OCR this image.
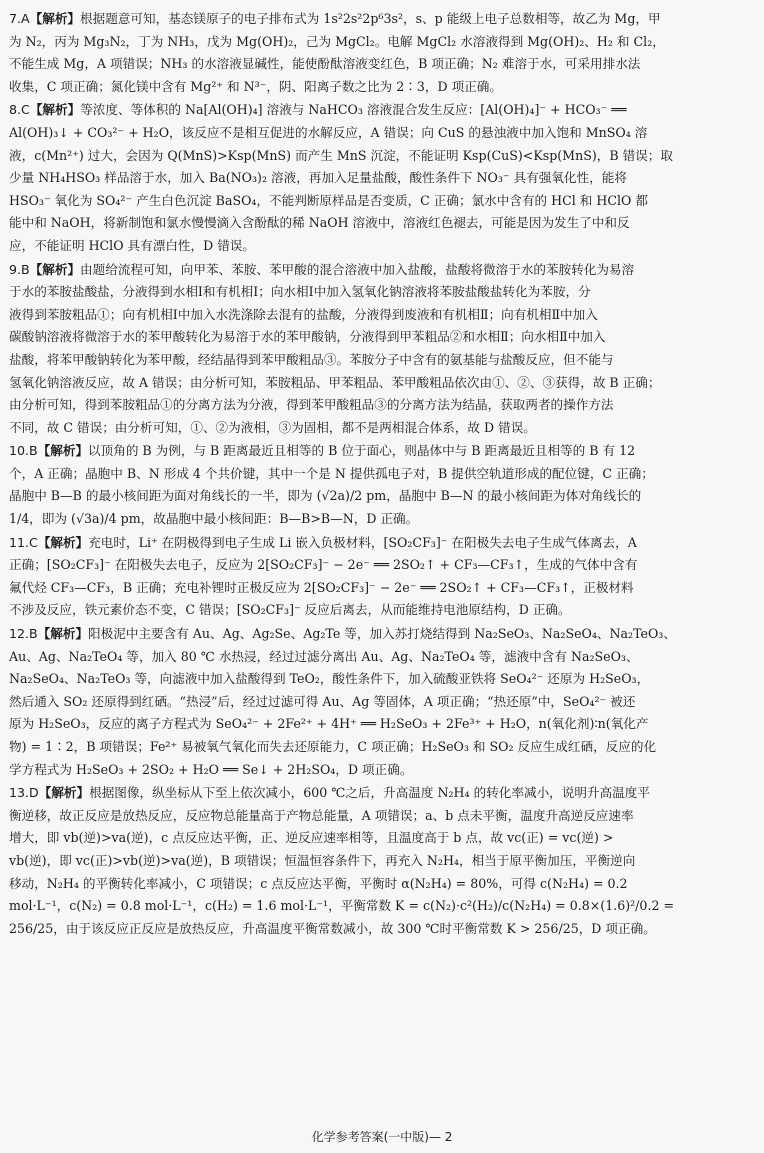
7.A【解析】根据题意可知，基态镁原子的电子排布式为 1s²2s²2p⁶3s²，s、p 能级上电子总数相等，故乙为 Mg，甲

为 N₂，丙为 Mg₃N₂，丁为 NH₃，戊为 Mg(OH)₂，己为 MgCl₂。电解 MgCl₂ 水溶液得到 Mg(OH)₂、H₂ 和 Cl₂，

不能生成 Mg，A 项错误；NH₃ 的水溶液显碱性，能使酚酞溶液变红色，B 项正确；N₂ 难溶于水，可采用排水法

收集，C 项正确；氮化镁中含有 Mg²⁺ 和 N³⁻，阴、阳离子数之比为 2∶3，D 项正确。

8.C【解析】等浓度、等体积的 Na[Al(OH)₄] 溶液与 NaHCO₃ 溶液混合发生反应：[Al(OH)₄]⁻ + HCO₃⁻ ══

Al(OH)₃↓ + CO₃²⁻ + H₂O，该反应不是相互促进的水解反应，A 错误；向 CuS 的悬浊液中加入饱和 MnSO₄ 溶

液，c(Mn²⁺) 过大，会因为 Q(MnS)>Ksp(MnS) 而产生 MnS 沉淀，不能证明 Ksp(CuS)<Ksp(MnS)，B 错误；取

少量 NH₄HSO₃ 样品溶于水，加入 Ba(NO₃)₂ 溶液，再加入足量盐酸，酸性条件下 NO₃⁻ 具有强氧化性，能将

HSO₃⁻ 氧化为 SO₄²⁻ 产生白色沉淀 BaSO₄，不能判断原样品是否变质，C 正确；氯水中含有的 HCl 和 HClO 都

能中和 NaOH，将新制饱和氯水慢慢滴入含酚酞的稀 NaOH 溶液中，溶液红色褪去，可能是因为发生了中和反

应，不能证明 HClO 具有漂白性，D 错误。

9.B【解析】由题给流程可知，向甲苯、苯胺、苯甲酸的混合溶液中加入盐酸，盐酸将微溶于水的苯胺转化为易溶

于水的苯胺盐酸盐，分液得到水相Ⅰ和有机相Ⅰ；向水相Ⅰ中加入氢氧化钠溶液将苯胺盐酸盐转化为苯胺，分

液得到苯胺粗品①；向有机相Ⅰ中加入水洗涤除去混有的盐酸，分液得到废液和有机相Ⅱ；向有机相Ⅱ中加入

碳酸钠溶液将微溶于水的苯甲酸转化为易溶于水的苯甲酸钠，分液得到甲苯粗品②和水相Ⅱ；向水相Ⅱ中加入

盐酸，将苯甲酸钠转化为苯甲酸，经结晶得到苯甲酸粗品③。苯胺分子中含有的氨基能与盐酸反应，但不能与

氢氧化钠溶液反应，故 A 错误；由分析可知，苯胺粗品、甲苯粗品、苯甲酸粗品依次由①、②、③获得，故 B 正确；

由分析可知，得到苯胺粗品①的分离方法为分液，得到苯甲酸粗品③的分离方法为结晶，获取两者的操作方法

不同，故 C 错误；由分析可知，①、②为液相，③为固相，都不是两相混合体系，故 D 错误。

10.B【解析】以顶角的 B 为例，与 B 距离最近且相等的 B 位于面心，则晶体中与 B 距离最近且相等的 B 有 12

个，A 正确；晶胞中 B、N 形成 4 个共价键，其中一个是 N 提供孤电子对，B 提供空轨道形成的配位键，C 正确；

晶胞中 B—B 的最小核间距为面对角线长的一半，即为 (√2a)/2 pm，晶胞中 B—N 的最小核间距为体对角线长的

1/4，即为 (√3a)/4 pm，故晶胞中最小核间距：B—B>B—N，D 正确。

11.C【解析】充电时，Li⁺ 在阴极得到电子生成 Li 嵌入负极材料，[SO₂CF₃]⁻ 在阳极失去电子生成气体离去，A

正确；[SO₂CF₃]⁻ 在阳极失去电子，反应为 2[SO₂CF₃]⁻ − 2e⁻ ══ 2SO₂↑ + CF₃—CF₃↑，生成的气体中含有

氟代烃 CF₃—CF₃，B 正确；充电补锂时正极反应为 2[SO₂CF₃]⁻ − 2e⁻ ══ 2SO₂↑ + CF₃—CF₃↑，正极材料

不涉及反应，铁元素价态不变，C 错误；[SO₂CF₃]⁻ 反应后离去，从而能维持电池原结构，D 正确。

12.B【解析】阳极泥中主要含有 Au、Ag、Ag₂Se、Ag₂Te 等，加入苏打烧结得到 Na₂SeO₃、Na₂SeO₄、Na₂TeO₃、

Au、Ag、Na₂TeO₄ 等，加入 80 ℃ 水热浸，经过过滤分离出 Au、Ag、Na₂TeO₄ 等，滤液中含有 Na₂SeO₃、

Na₂SeO₄、Na₂TeO₃ 等，向滤液中加入盐酸得到 TeO₂，酸性条件下，加入硫酸亚铁将 SeO₄²⁻ 还原为 H₂SeO₃，

然后通入 SO₂ 还原得到红硒。“热浸”后，经过过滤可得 Au、Ag 等固体，A 项正确；“热还原”中，SeO₄²⁻ 被还

原为 H₂SeO₃，反应的离子方程式为 SeO₄²⁻ + 2Fe²⁺ + 4H⁺ ══ H₂SeO₃ + 2Fe³⁺ + H₂O，n(氧化剂)∶n(氧化产

物) = 1∶2，B 项错误；Fe²⁺ 易被氧气氧化而失去还原能力，C 项正确；H₂SeO₃ 和 SO₂ 反应生成红硒，反应的化

学方程式为 H₂SeO₃ + 2SO₂ + H₂O ══ Se↓ + 2H₂SO₄，D 项正确。

13.D【解析】根据图像，纵坐标从下至上依次减小，600 ℃之后，升高温度 N₂H₄ 的转化率减小，说明升高温度平

衡逆移，故正反应是放热反应，反应物总能量高于产物总能量，A 项错误；a、b 点未平衡，温度升高逆反应速率

增大，即 vb(逆)>va(逆)，c 点反应达平衡，正、逆反应速率相等，且温度高于 b 点，故 vc(正) = vc(逆) >

vb(逆)，即 vc(正)>vb(逆)>va(逆)，B 项错误；恒温恒容条件下，再充入 N₂H₄，相当于原平衡加压，平衡逆向

移动，N₂H₄ 的平衡转化率减小，C 项错误；c 点反应达平衡，平衡时 α(N₂H₄) = 80%，可得 c(N₂H₄) = 0.2

mol·L⁻¹，c(N₂) = 0.8 mol·L⁻¹，c(H₂) = 1.6 mol·L⁻¹，平衡常数 K = c(N₂)·c²(H₂)/c(N₂H₄) = 0.8×(1.6)²/0.2 =

256/25，由于该反应正反应是放热反应，升高温度平衡常数减小，故 300 ℃时平衡常数 K > 256/25，D 项正确。

化学参考答案(一中版)— 2
